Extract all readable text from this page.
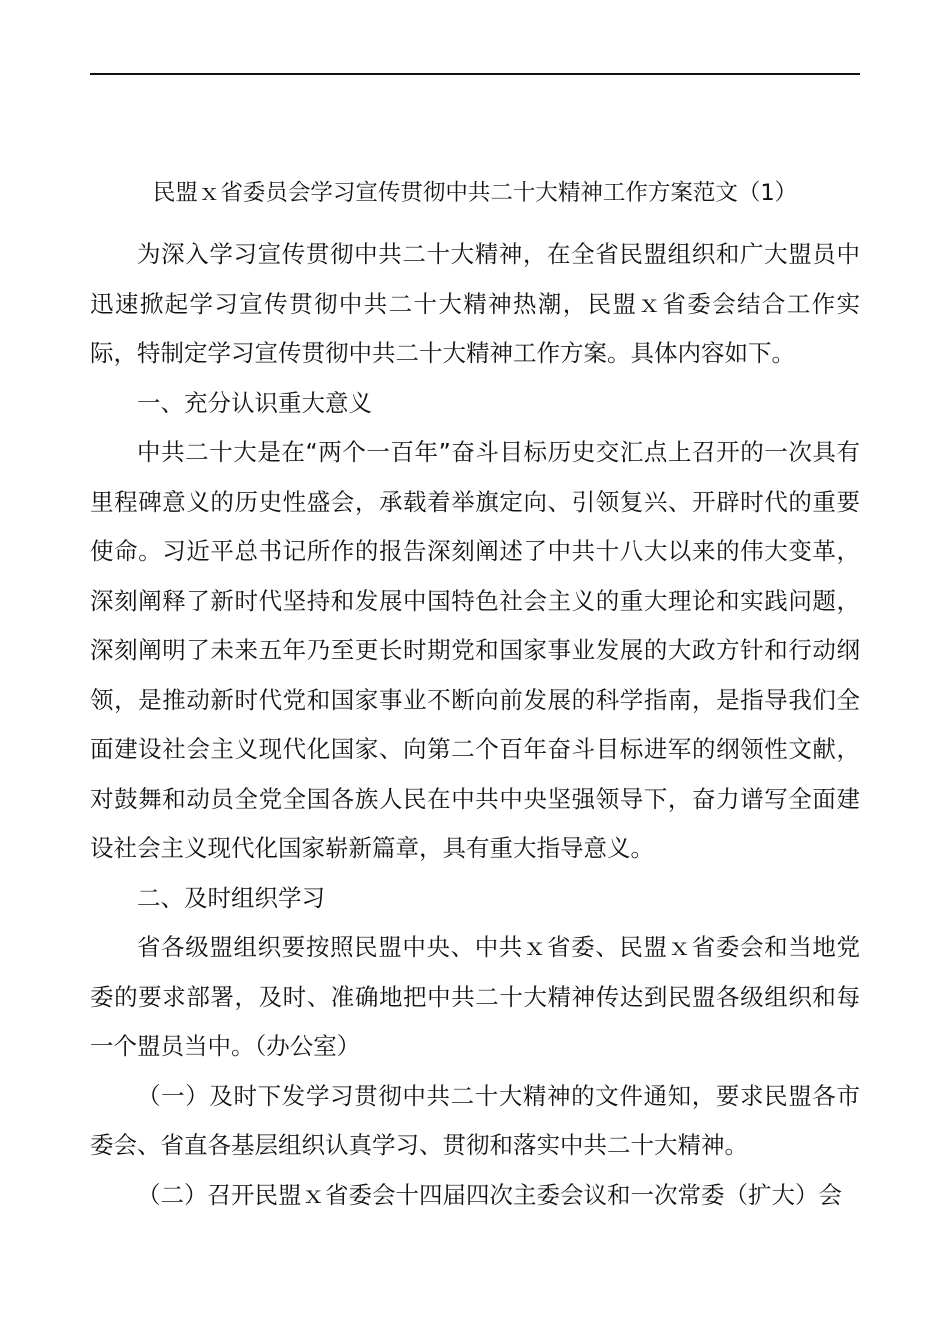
民盟ｘ省委员会学习宣传贯彻中共二十大精神工作方案范文（1）

为深入学习宣传贯彻中共二十大精神，在全省民盟组织和广大盟员中迅速掀起学习宣传贯彻中共二十大精神热潮，民盟ｘ省委会结合工作实际，特制定学习宣传贯彻中共二十大精神工作方案。具体内容如下。

一、充分认识重大意义

中共二十大是在“两个一百年”奋斗目标历史交汇点上召开的一次具有里程碑意义的历史性盛会，承载着举旗定向、引领复兴、开辟时代的重要使命。习近平总书记所作的报告深刻阐述了中共十八大以来的伟大变革，深刻阐释了新时代坚持和发展中国特色社会主义的重大理论和实践问题，深刻阐明了未来五年乃至更长时期党和国家事业发展的大政方针和行动纲领，是推动新时代党和国家事业不断向前发展的科学指南，是指导我们全面建设社会主义现代化国家、向第二个百年奋斗目标进军的纲领性文献，对鼓舞和动员全党全国各族人民在中共中央坚强领导下，奋力谱写全面建设社会主义现代化国家崭新篇章，具有重大指导意义。

二、及时组织学习

省各级盟组织要按照民盟中央、中共ｘ省委、民盟ｘ省委会和当地党委的要求部署，及时、准确地把中共二十大精神传达到民盟各级组织和每一个盟员当中。（办公室）

（一）及时下发学习贯彻中共二十大精神的文件通知，要求民盟各市委会、省直各基层组织认真学习、贯彻和落实中共二十大精神。

（二）召开民盟ｘ省委会十四届四次主委会议和一次常委（扩大）会
